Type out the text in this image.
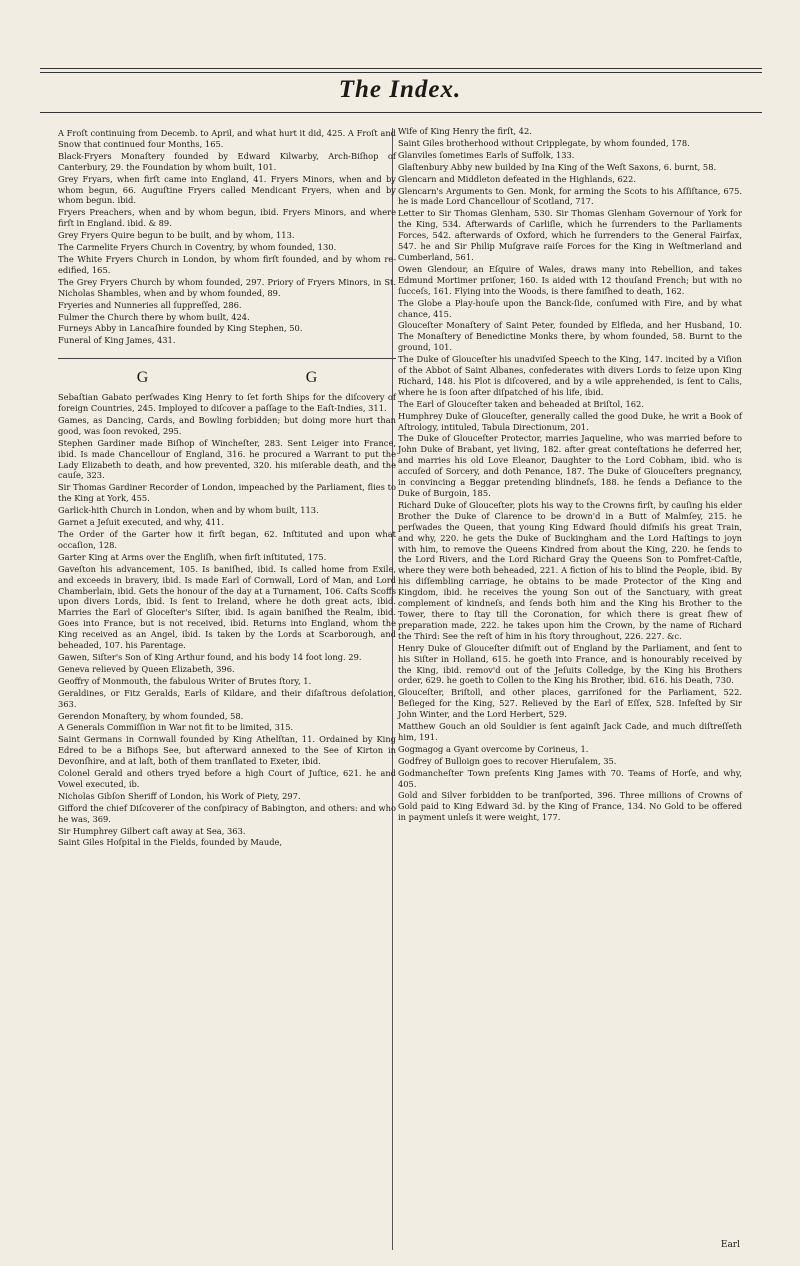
The Index.
A Froſt continuing from Decemb. to April, and what hurt it did, 425. A Froſt and Snow that continued four Months, 165.
Black-Fryers Monaſtery founded by Edward Kilwarby, Arch-Biſhop of Canterbury, 29. the Foundation by whom built, 101.
Grey Fryars, when firſt came into England, 41. Fryers Minors, when and by whom begun, 66. Auguſtine Fryers called Mendicant Fryers, when and by whom begun. ibid.
Fryers Preachers, when and by whom begun, ibid. Fryers Minors, and where firſt in England. ibid. & 89.
Grey Fryers Quire begun to be built, and by whom, 113.
The Carmelite Fryers Church in Coventry, by whom founded, 130.
The White Fryers Church in London, by whom firſt founded, and by whom re-edified, 165.
The Grey Fryers Church by whom founded, 297. Priory of Fryers Minors, in St. Nicholas Shambles, when and by whom founded, 89.
Fryeries and Nunneries all ſuppreſſed, 286.
Fulmer the Church there by whom built, 424.
Furneys Abby in Lancaſhire founded by King Stephen, 50.
Funeral of King James, 431.
G	G
Sebaſtian Gabato perſwades King Henry to ſet forth Ships for the diſcovery of foreign Countries, 245. Imployed to diſcover a paſſage to the Eaſt-Indies, 311.
Games, as Dancing, Cards, and Bowling forbidden; but doing more hurt than good, was ſoon revoked, 295.
Stephen Gardiner made Biſhop of Wincheſter, 283. Sent Leiger into France, ibid. Is made Chancellour of England, 316. he procured a Warrant to put the Lady Elizabeth to death, and how prevented, 320. his miſerable death, and the cauſe, 323.
Sir Thomas Gardiner Recorder of London, impeached by the Parliament, flies to the King at York, 455.
Garlick-hith Church in London, when and by whom built, 113.
Garnet a Jeſuit executed, and why, 411.
The Order of the Garter how it firſt began, 62. Inſtituted and upon what occaſion, 128.
Garter King at Arms over the Engliſh, when firſt inſtituted, 175.
Gaveſton his advancement, 105. Is baniſhed, ibid. Is called home from Exile, and exceeds in bravery, ibid. Is made Earl of Cornwall, Lord of Man, and Lord Chamberlain, ibid. Gets the honour of the day at a Turnament, 106. Caſts Scoffs upon divers Lords, ibid. Is ſent to Ireland, where he doth great acts, ibid. Marries the Earl of Gloceſter's Siſter, ibid. Is again baniſhed the Realm, ibid. Goes into France, but is not received, ibid. Returns into England, whom the King received as an Angel, ibid. Is taken by the Lords at Scarborough, and beheaded, 107. his Parentage.
Gawen, Siſter's Son of King Arthur found, and his body 14 foot long. 29.
Geneva relieved by Queen Elizabeth, 396.
Geoffry of Monmouth, the fabulous Writer of Brutes ſtory, 1.
Geraldines, or Fitz Geralds, Earls of Kildare, and their diſaſtrous deſolation, 363.
Gerendon Monaſtery, by whom founded, 58.
A Generals Commiſſion in War not fit to be limited, 315.
Saint Germans in Cornwall founded by King Athelſtan, 11. Ordained by King Edred to be a Biſhops See, but afterward annexed to the See of Kirton in Devonſhire, and at laſt, both of them tranſlated to Exeter, ibid.
Colonel Gerald and others tryed before a high Court of Juſtice, 621. he and Vowel executed, ib.
Nicholas Gibſon Sheriff of London, his Work of Piety, 297.
Gifford the chief Diſcoverer of the conſpiracy of Babington, and others: and who he was, 369.
Sir Humphrey Gilbert caſt away at Sea, 363.
Saint Giles Hoſpital in the Fields, founded by Maude,
Wife of King Henry the firſt, 42.
Saint Giles brotherhood without Cripplegate, by whom founded, 178.
Glanviles ſometimes Earls of Suffolk, 133.
Glaſtenbury Abby new builded by Ina King of the Weſt Saxons, 6. burnt, 58.
Glencarn and Middleton defeated in the Highlands, 622.
Glencarn's Arguments to Gen. Monk, for arming the Scots to his Aſſiſtance, 675. he is made Lord Chancellour of Scotland, 717.
Letter to Sir Thomas Glenham, 530. Sir Thomas Glenham Governour of York for the King, 534. Afterwards of Carliſle, which he ſurrenders to the Parliaments Forces, 542. afterwards of Oxford, which he ſurrenders to the General Fairfax, 547. he and Sir Philip Muſgrave raiſe Forces for the King in Weſtmerland and Cumberland, 561.
Owen Glendour, an Eſquire of Wales, draws many into Rebellion, and takes Edmund Mortimer priſoner, 160. Is aided with 12 thouſand French; but with no ſucceſs, 161. Flying into the Woods, is there famiſhed to death, 162.
The Globe a Play-houſe upon the Banck-ſide, conſumed with Fire, and by what chance, 415.
Glouceſter Monaſtery of Saint Peter, founded by Elfleda, and her Husband, 10. The Monaſtery of Benedictine Monks there, by whom founded, 58. Burnt to the ground, 101.
The Duke of Glouceſter his unadviſed Speech to the King, 147. incited by a Viſion of the Abbot of Saint Albanes, confederates with divers Lords to ſeize upon King Richard, 148. his Plot is diſcovered, and by a wile apprehended, is ſent to Calis, where he is ſoon after diſpatched of his life, ibid.
The Earl of Glouceſter taken and beheaded at Briſtol, 162.
Humphrey Duke of Glouceſter, generally called the good Duke, he writ a Book of Aſtrology, intituled, Tabula Directionum, 201.
The Duke of Glouceſter Protector, marries Jaqueline, who was married before to John Duke of Brabant, yet living, 182. after great conteſtations he deferred her, and marries his old Love Eleanor, Daughter to the Lord Cobham, ibid. who is accuſed of Sorcery, and doth Penance, 187. The Duke of Glouceſters pregnancy, in convincing a Beggar pretending blindneſs, 188. he ſends a Defiance to the Duke of Burgoin, 185.
Richard Duke of Glouceſter, plots his way to the Crowns firſt, by cauſing his elder Brother the Duke of Clarence to be drown'd in a Butt of Malmſey, 215. he perſwades the Queen, that young King Edward ſhould diſmiſs his great Train, and why, 220. he gets the Duke of Buckingham and the Lord Haſtings to joyn with him, to remove the Queens Kindred from about the King, 220. he ſends to the Lord Rivers, and the Lord Richard Gray the Queens Son to Pomfret-Caſtle, where they were both beheaded, 221. A fiction of his to blind the People, ibid. By his diſſembling carriage, he obtains to be made Protector of the King and Kingdom, ibid. he receives the young Son out of the Sanctuary, with great complement of kindneſs, and ſends both him and the King his Brother to the Tower, there to ſtay till the Coronation, for which there is great ſhew of preparation made, 222. he takes upon him the Crown, by the name of Richard the Third: See the reſt of him in his ſtory throughout, 226. 227. &c.
Henry Duke of Glouceſter diſmiſt out of England by the Parliament, and ſent to his Siſter in Holland, 615. he goeth into France, and is honourably received by the King, ibid. remov'd out of the Jeſuits Colledge, by the King his Brothers order, 629. he goeth to Collen to the King his Brother, ibid. 616. his Death, 730.
Glouceſter, Briſtoll, and other places, garriſoned for the Parliament, 522. Beſieged for the King, 527. Relieved by the Earl of Eſſex, 528. Infeſted by Sir John Winter, and the Lord Herbert, 529.
Matthew Gouch an old Souldier is ſent againſt Jack Cade, and much diſtreſſeth him, 191.
Gogmagog a Gyant overcome by Corineus, 1.
Godfrey of Bulloign goes to recover Hieruſalem, 35.
Godmancheſter Town preſents King James with 70. Teams of Horſe, and why, 405.
Gold and Silver forbidden to be tranſported, 396. Three millions of Crowns of Gold paid to King Edward 3d. by the King of France, 134. No Gold to be offered in payment unleſs it were weight, 177.
Earl
